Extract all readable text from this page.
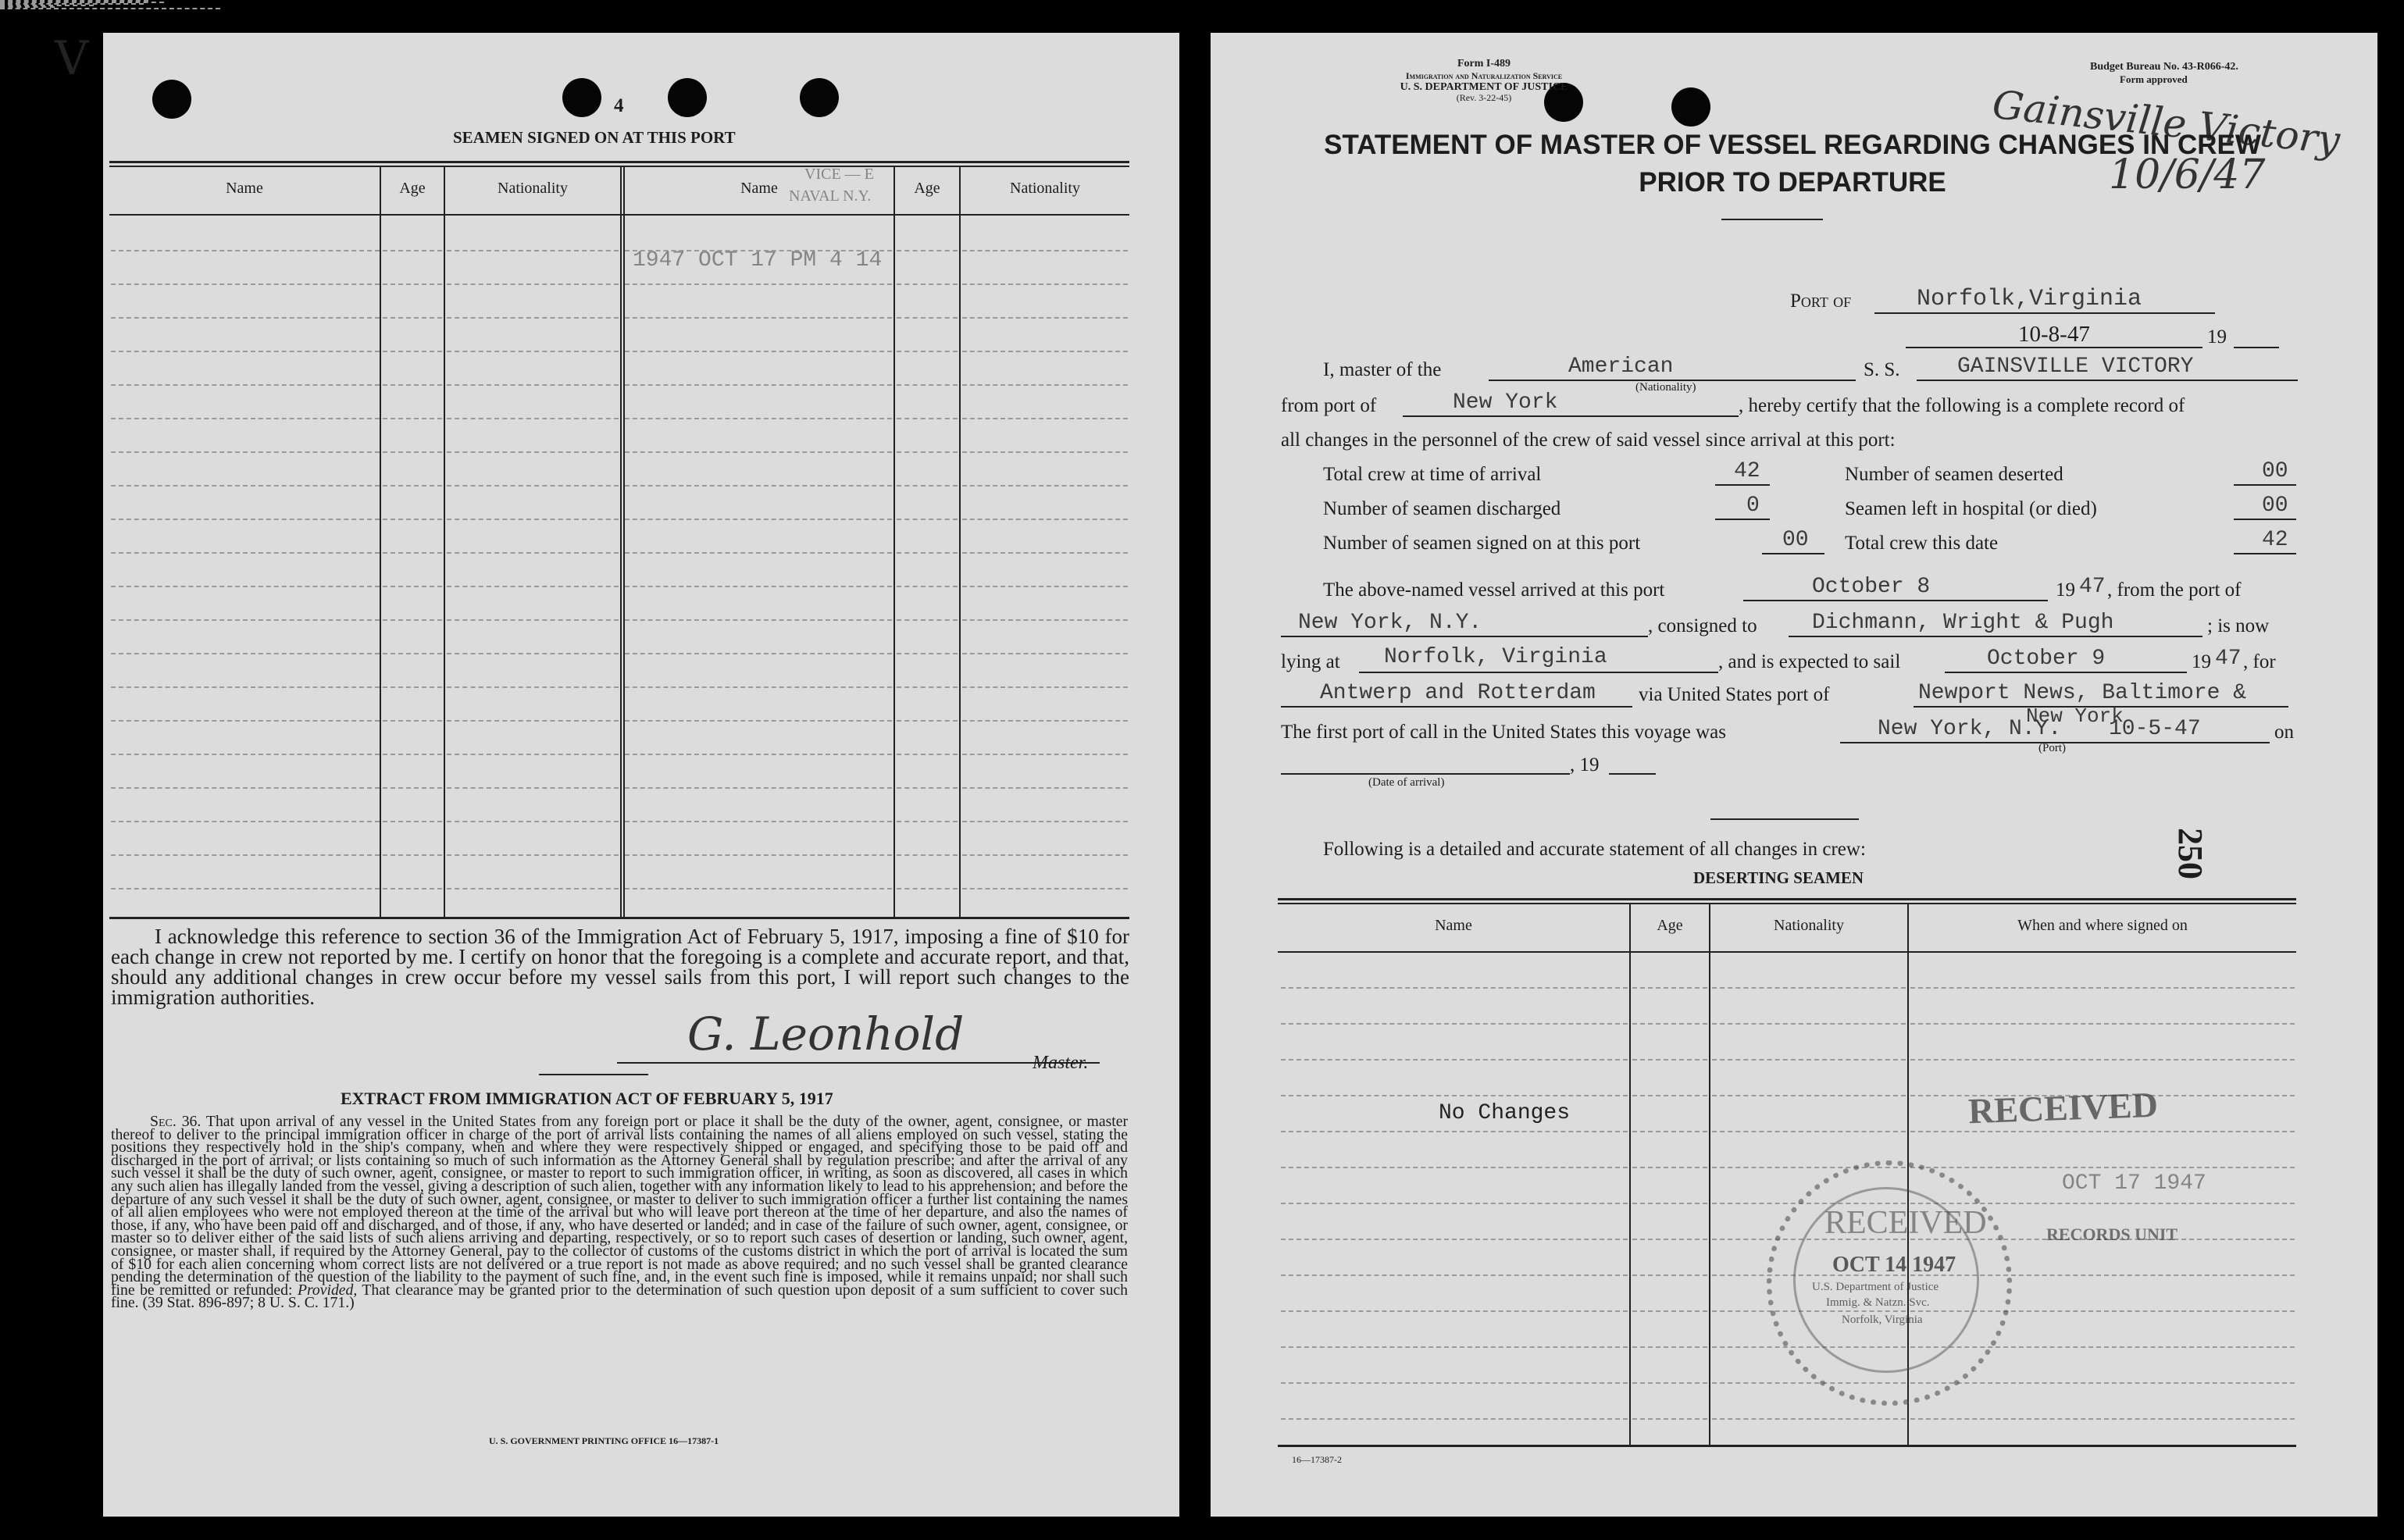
V
4
SEAMEN SIGNED ON AT THIS PORT
Name	Age	Nationality	Name	Age	Nationality
VICE — E
NAVAL N.Y.
1947 OCT 17 PM 4 14
I acknowledge this reference to section 36 of the Immigration Act of February 5, 1917, imposing a fine of $10 for each change in crew not reported by me. I certify on honor that the foregoing is a complete and accurate report, and that, should any additional changes in crew occur before my vessel sails from this port, I will report such changes to the immigration authorities.
G. Leonhold
Master.
EXTRACT FROM IMMIGRATION ACT OF FEBRUARY 5, 1917
Sec. 36. That upon arrival of any vessel in the United States from any foreign port or place it shall be the duty of the owner, agent, consignee, or master thereof to deliver to the principal immigration officer in charge of the port of arrival lists containing the names of all aliens employed on such vessel, stating the positions they respectively hold in the ship's company, when and where they were respectively shipped or engaged, and specifying those to be paid off and discharged in the port of arrival; or lists containing so much of such information as the Attorney General shall by regulation prescribe; and after the arrival of any such vessel it shall be the duty of such owner, agent, consignee, or master to report to such immigration officer, in writing, as soon as discovered, all cases in which any such alien has illegally landed from the vessel, giving a description of such alien, together with any information likely to lead to his apprehension; and before the departure of any such vessel it shall be the duty of such owner, agent, consignee, or master to deliver to such immigration officer a further list containing the names of all alien employees who were not employed thereon at the time of the arrival but who will leave port thereon at the time of her departure, and also the names of those, if any, who have been paid off and discharged, and of those, if any, who have deserted or landed; and in case of the failure of such owner, agent, consignee, or master so to deliver either of the said lists of such aliens arriving and departing, respectively, or so to report such cases of desertion or landing, such owner, agent, consignee, or master shall, if required by the Attorney General, pay to the collector of customs of the customs district in which the port of arrival is located the sum of $10 for each alien concerning whom correct lists are not delivered or a true report is not made as above required; and no such vessel shall be granted clearance pending the determination of the question of the liability to the payment of such fine, and, in the event such fine is imposed, while it remains unpaid; nor shall such fine be remitted or refunded: Provided, That clearance may be granted prior to the determination of such question upon deposit of a sum sufficient to cover such fine. (39 Stat. 896-897; 8 U. S. C. 171.)
U. S. GOVERNMENT PRINTING OFFICE 16—17387-1
Form I-489
Immigration and Naturalization Service
U. S. DEPARTMENT OF JUSTICE
(Rev. 3-22-45)
Budget Bureau No. 43-R066-42.
Form approved
Gainsville Victory
10/6/47
STATEMENT OF MASTER OF VESSEL REGARDING CHANGES IN CREW
PRIOR TO DEPARTURE
Port of	Norfolk,Virginia
10-8-47	19
I, master of the	American
(Nationality)
S. S.	GAINSVILLE VICTORY
from port of	New York	, hereby certify that the following is a complete record of
all changes in the personnel of the crew of said vessel since arrival at this port:
Total crew at time of arrival	42	Number of seamen deserted	00
Number of seamen discharged	0	Seamen left in hospital (or died)	00
Number of seamen signed on at this port	00 Total crew this date	42
The above-named vessel arrived at this port	October 8	19 47 , from the port of
New York, N.Y.	, consigned to	Dichmann, Wright & Pugh	; is now
lying at Norfolk, Virginia	, and is expected to sail	October 9	19 47 , for
Antwerp and Rotterdam via United States port of	Newport News, Baltimore &
The first port of call in the United States this voyage was	New York, N.Y.
New York
(Port)
10-5-47	on
, 19
(Date of arrival)
Following is a detailed and accurate statement of all changes in crew:	250
DESERTING SEAMEN
Name	Age	Nationality	When and where signed on
No Changes	RECEIVED
OCT 17 1947
RECORDS UNIT
RECEIVED
OCT 14 1947
U.S. Department of Justice
Immig. & Natzn. Svc.
Norfolk, Virginia
16—17387-2
